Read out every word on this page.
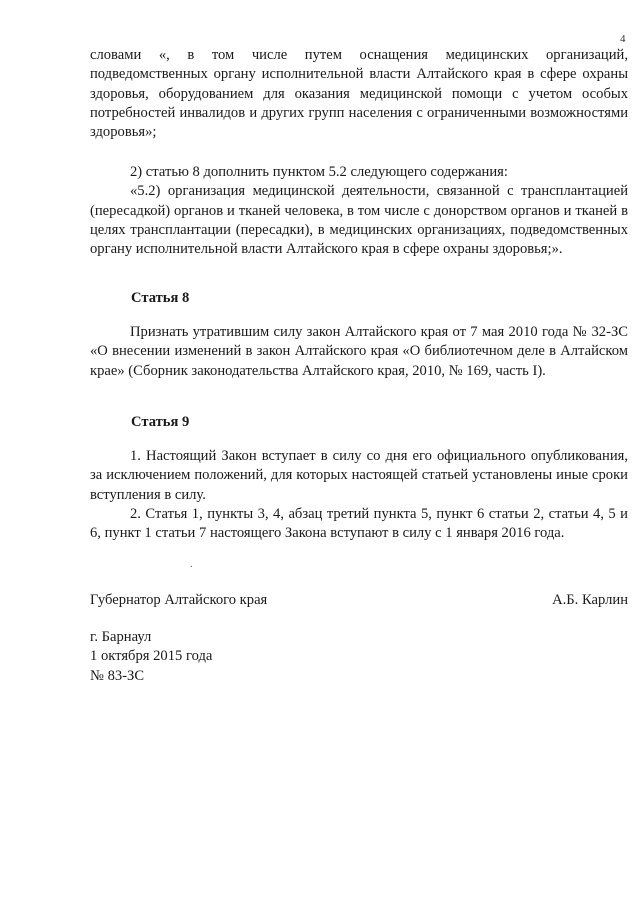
4

словами «, в том числе путем оснащения медицинских организаций, подведомственных органу исполнительной власти Алтайского края в сфере охраны здоровья, оборудованием для оказания медицинской помощи с учетом особых потребностей инвалидов и других групп населения с ограниченными возможностями здоровья»;

2) статью 8 дополнить пунктом 5.2 следующего содержания:

«5.2) организация медицинской деятельности, связанной с трансплантацией (пересадкой) органов и тканей человека, в том числе с донорством органов и тканей в целях трансплантации (пересадки), в медицинских организациях, подведомственных органу исполнительной власти Алтайского края в сфере охраны здоровья;».

Статья 8

Признать утратившим силу закон Алтайского края от 7 мая 2010 года № 32-ЗС «О внесении изменений в закон Алтайского края «О библиотечном деле в Алтайском крае» (Сборник законодательства Алтайского края, 2010, № 169, часть I).

Статья 9

1. Настоящий Закон вступает в силу со дня его официального опубликования, за исключением положений, для которых настоящей статьей установлены иные сроки вступления в силу.

2. Статья 1, пункты 3, 4, абзац третий пункта 5, пункт 6 статьи 2, статьи 4, 5 и 6, пункт 1 статьи 7 настоящего Закона вступают в силу с 1 января 2016 года.

.
Губернатор Алтайского края	А.Б. Карлин
г. Барнаул
1 октября 2015 года
№ 83-ЗС
